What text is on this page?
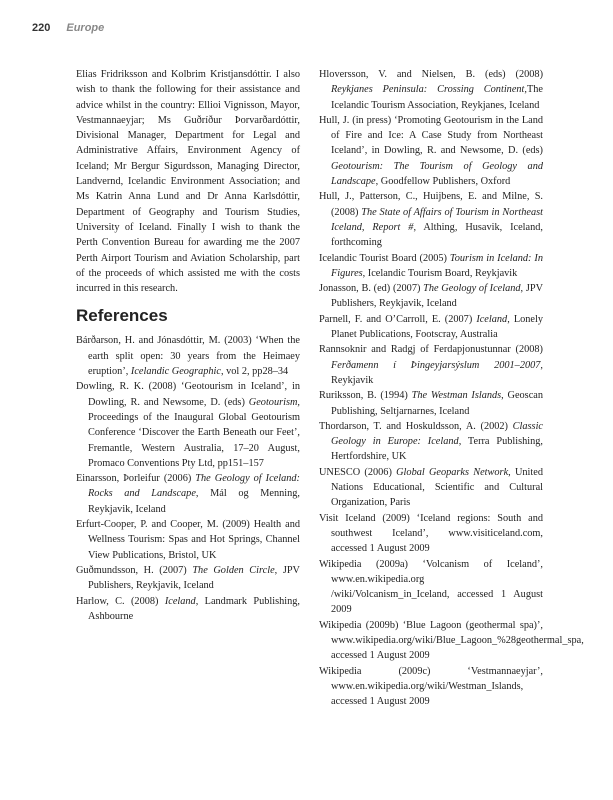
220 Europe

Elias Fridriksson and Kolbrim Kristjansdóttir. I also wish to thank the following for their assistance and advice whilst in the country: Ellioi Vignisson, Mayor, Vestmannaeyjar; Ms Guðríður Þorvarðardóttir, Divisional Manager, Department for Legal and Administrative Affairs, Environment Agency of Iceland; Mr Bergur Sigurdsson, Managing Director, Landvernd, Icelandic Environment Association; and Ms Katrin Anna Lund and Dr Anna Karlsdóttir, Department of Geography and Tourism Studies, University of Iceland. Finally I wish to thank the Perth Convention Bureau for awarding me the 2007 Perth Airport Tourism and Aviation Scholarship, part of the proceeds of which assisted me with the costs incurred in this research.

References

Bárðarson, H. and Jónasdóttir, M. (2003) ‘When the earth split open: 30 years from the Heimaey eruption’, Icelandic Geographic, vol 2, pp28–34

Dowling, R. K. (2008) ‘Geotourism in Iceland’, in Dowling, R. and Newsome, D. (eds) Geotourism, Proceedings of the Inaugural Global Geotourism Conference ‘Discover the Earth Beneath our Feet’, Fremantle, Western Australia, 17–20 August, Promaco Conventions Pty Ltd, pp151–157

Einarsson, Þorleifur (2006) The Geology of Iceland: Rocks and Landscape, Mál og Menning, Reykjavik, Iceland

Erfurt-Cooper, P. and Cooper, M. (2009) Health and Wellness Tourism: Spas and Hot Springs, Channel View Publications, Bristol, UK

Guðmundsson, H. (2007) The Golden Circle, JPV Publishers, Reykjavik, Iceland

Harlow, C. (2008) Iceland, Landmark Publishing, Ashbourne

Hloversson, V. and Nielsen, B. (eds) (2008) Reykjanes Peninsula: Crossing Continent,The Icelandic Tourism Association, Reykjanes, Iceland

Hull, J. (in press) ‘Promoting Geotourism in the Land of Fire and Ice: A Case Study from Northeast Iceland’, in Dowling, R. and Newsome, D. (eds) Geotourism: The Tourism of Geology and Landscape, Goodfellow Publishers, Oxford

Hull, J., Patterson, C., Huijbens, E. and Milne, S. (2008) The State of Affairs of Tourism in Northeast Iceland, Report #, Althing, Husavik, Iceland, forthcoming

Icelandic Tourist Board (2005) Tourism in Iceland: In Figures, Icelandic Tourism Board, Reykjavik

Jonasson, B. (ed) (2007) The Geology of Iceland, JPV Publishers, Reykjavik, Iceland

Parnell, F. and O’Carroll, E. (2007) Iceland, Lonely Planet Publications, Footscray, Australia

Rannsoknir and Radgj of Ferdapjonustunnar (2008) Ferðamenn í Þingeyjarsýslum 2001–2007, Reykjavik

Ruriksson, B. (1994) The Westman Islands, Geoscan Publishing, Seltjarnarnes, Iceland

Thordarson, T. and Hoskuldsson, A. (2002) Classic Geology in Europe: Iceland, Terra Publishing, Hertfordshire, UK

UNESCO (2006) Global Geoparks Network, United Nations Educational, Scientific and Cultural Organization, Paris

Visit Iceland (2009) ‘Iceland regions: South and southwest Iceland’, www.visiticeland.com, accessed 1 August 2009

Wikipedia (2009a) ‘Volcanism of Iceland’, www.en.wikipedia.org /wiki/Volcanism_in_Iceland, accessed 1 August 2009

Wikipedia (2009b) ‘Blue Lagoon (geothermal spa)’, www.wikipedia.org/wiki/Blue_Lagoon_%28geothermal_spa, accessed 1 August 2009

Wikipedia (2009c) ‘Vestmannaeyjar’, www.en.wikipedia.org/wiki/Westman_Islands, accessed 1 August 2009
